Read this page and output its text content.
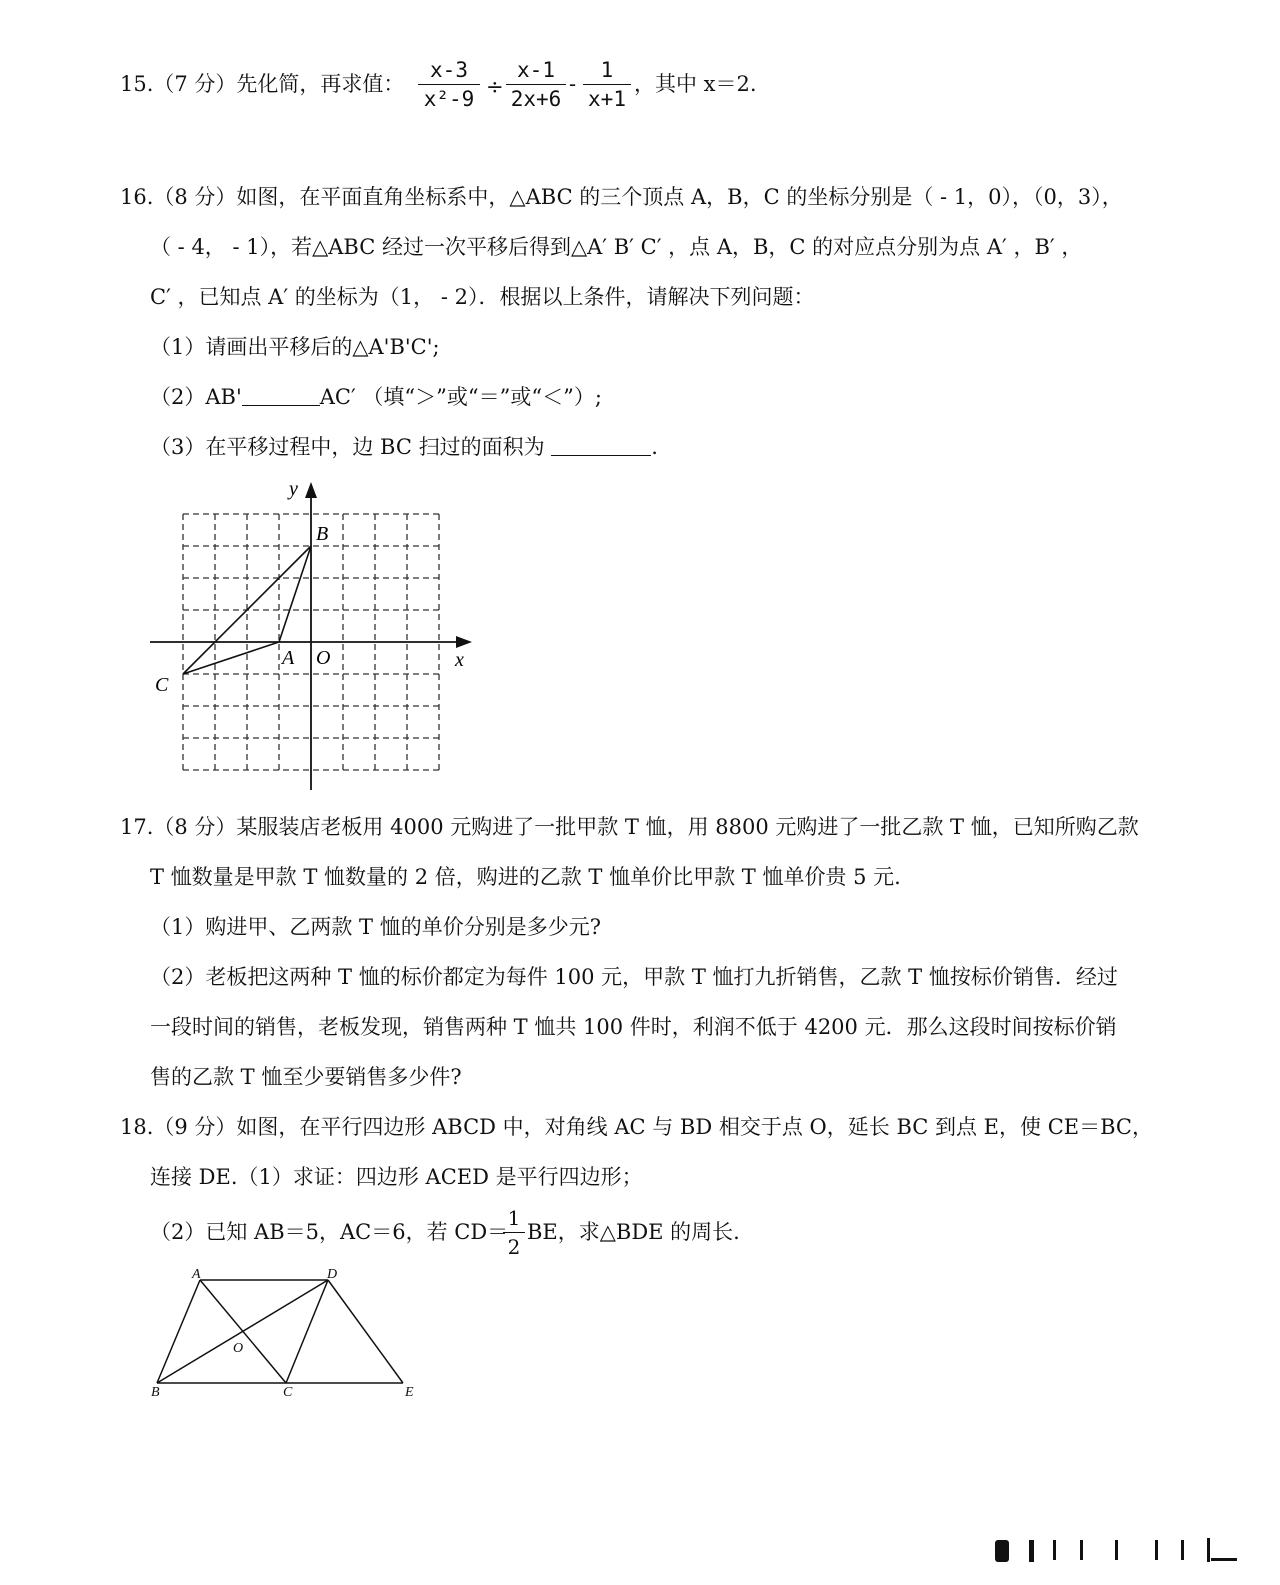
15.（7 分）先化简，再求值：
x-3
x²-9 ÷
x-1
2x+6
-
1
x+1
，其中 x＝2.
16.（8 分）如图，在平面直角坐标系中，△ABC 的三个顶点 A，B，C 的坐标分别是（ - 1，0），（0，3），
（ - 4， - 1），若△ABC 经过一次平移后得到△A′ B′ C′ ，点 A，B，C 的对应点分别为点 A′ ，B′ ，
C′ ，已知点 A′ 的坐标为（1， - 2）．根据以上条件，请解决下列问题：
（1）请画出平移后的△A'B'C';
（2）AB'	AC′ （填“＞”或“＝”或“＜”）;
（3）在平移过程中，边 BC 扫过的面积为	.
y
x
B
A O
C
17.（8 分）某服装店老板用 4000 元购进了一批甲款 T 恤，用 8800 元购进了一批乙款 T 恤，已知所购乙款
T 恤数量是甲款 T 恤数量的 2 倍，购进的乙款 T 恤单价比甲款 T 恤单价贵 5 元.
（1）购进甲、乙两款 T 恤的单价分别是多少元?
（2）老板把这两种 T 恤的标价都定为每件 100 元，甲款 T 恤打九折销售，乙款 T 恤按标价销售．经过
一段时间的销售，老板发现，销售两种 T 恤共 100 件时，利润不低于 4200 元．那么这段时间按标价销
售的乙款 T 恤至少要销售多少件?
18.（9 分）如图，在平行四边形 ABCD 中，对角线 AC 与 BD 相交于点 O，延长 BC 到点 E，使 CE＝BC，
连接 DE.（1）求证：四边形 ACED 是平行四边形；
（2）已知 AB＝5，AC＝6，若 CD＝
1
2
BE，求△BDE 的周长.
A	D
O
B	C	E
